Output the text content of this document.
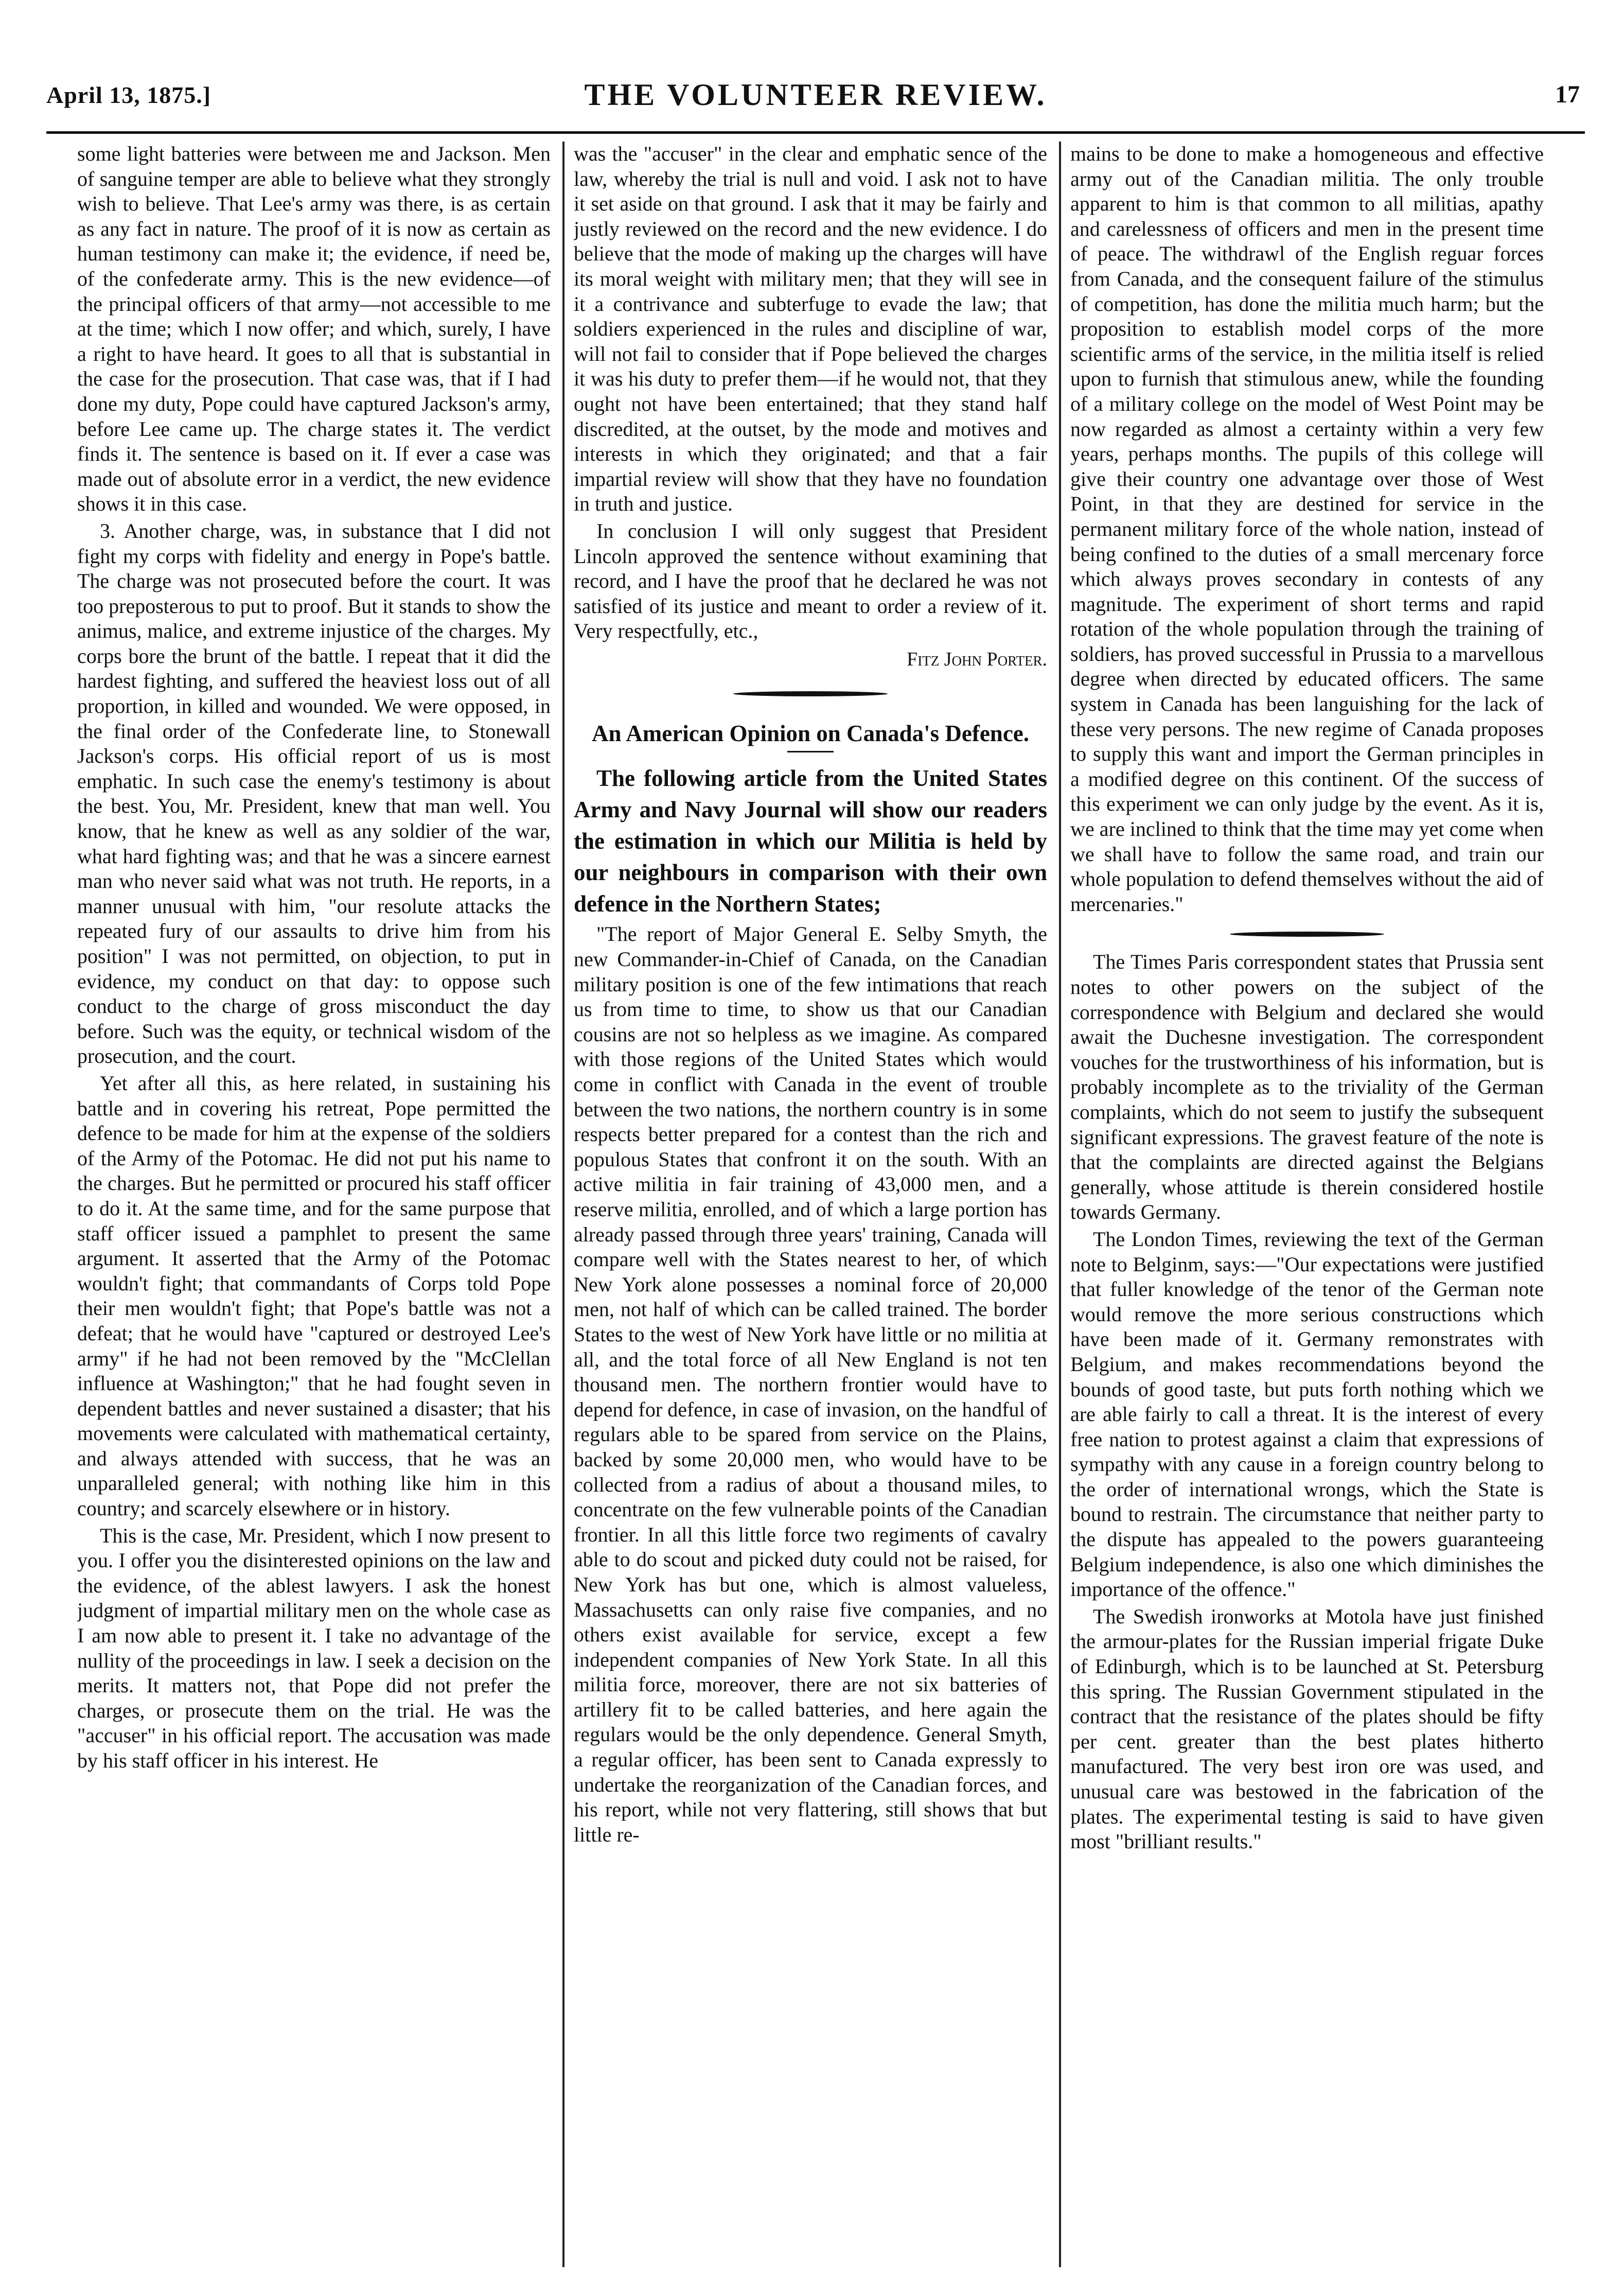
April 13, 1875.]	THE VOLUNTEER REVIEW.	17

some light batteries were between me and Jackson. Men of sanguine temper are able to believe what they strongly wish to believe. That Lee's army was there, is as certain as any fact in nature. The proof of it is now as certain as human testimony can make it; the evidence, if need be, of the confederate army. This is the new evidence—of the principal officers of that army—not accessible to me at the time; which I now offer; and which, surely, I have a right to have heard. It goes to all that is substantial in the case for the prosecution. That case was, that if I had done my duty, Pope could have captured Jackson's army, before Lee came up. The charge states it. The verdict finds it. The sentence is based on it. If ever a case was made out of absolute error in a verdict, the new evidence shows it in this case.

3. Another charge, was, in substance that I did not fight my corps with fidelity and energy in Pope's battle. The charge was not prosecuted before the court. It was too preposterous to put to proof. But it stands to show the animus, malice, and extreme injustice of the charges. My corps bore the brunt of the battle. I repeat that it did the hardest fighting, and suffered the heaviest loss out of all proportion, in killed and wounded. We were opposed, in the final order of the Confederate line, to Stonewall Jackson's corps. His official report of us is most emphatic. In such case the enemy's testimony is about the best. You, Mr. President, knew that man well. You know, that he knew as well as any soldier of the war, what hard fighting was; and that he was a sincere earnest man who never said what was not truth. He reports, in a manner unusual with him, "our resolute attacks the repeated fury of our assaults to drive him from his position" I was not permitted, on objection, to put in evidence, my conduct on that day: to oppose such conduct to the charge of gross misconduct the day before. Such was the equity, or technical wisdom of the prosecution, and the court.

Yet after all this, as here related, in sustaining his battle and in covering his retreat, Pope permitted the defence to be made for him at the expense of the soldiers of the Army of the Potomac. He did not put his name to the charges. But he permitted or procured his staff officer to do it. At the same time, and for the same purpose that staff officer issued a pamphlet to present the same argument. It asserted that the Army of the Potomac wouldn't fight; that commandants of Corps told Pope their men wouldn't fight; that Pope's battle was not a defeat; that he would have "captured or destroyed Lee's army" if he had not been removed by the "McClellan influence at Washington;" that he had fought seven in dependent battles and never sustained a disaster; that his movements were calculated with mathematical certainty, and always attended with success, that he was an unparalleled general; with nothing like him in this country; and scarcely elsewhere or in history.

This is the case, Mr. President, which I now present to you. I offer you the disinterested opinions on the law and the evidence, of the ablest lawyers. I ask the honest judgment of impartial military men on the whole case as I am now able to present it. I take no advantage of the nullity of the proceedings in law. I seek a decision on the merits. It matters not, that Pope did not prefer the charges, or prosecute them on the trial. He was the "accuser" in his official report. The accusation was made by his staff officer in his interest. He

was the "accuser" in the clear and emphatic sence of the law, whereby the trial is null and void. I ask not to have it set aside on that ground. I ask that it may be fairly and justly reviewed on the record and the new evidence. I do believe that the mode of making up the charges will have its moral weight with military men; that they will see in it a contrivance and subterfuge to evade the law; that soldiers experienced in the rules and discipline of war, will not fail to consider that if Pope believed the charges it was his duty to prefer them—if he would not, that they ought not have been entertained; that they stand half discredited, at the outset, by the mode and motives and interests in which they originated; and that a fair impartial review will show that they have no foundation in truth and justice.

In conclusion I will only suggest that President Lincoln approved the sentence without examining that record, and I have the proof that he declared he was not satisfied of its justice and meant to order a review of it. Very respectfully, etc.,

Fitz John Porter.

An American Opinion on Canada's Defence.

The following article from the United States Army and Navy Journal will show our readers the estimation in which our Militia is held by our neighbours in comparison with their own defence in the Northern States;

"The report of Major General E. Selby Smyth, the new Commander-in-Chief of Canada, on the Canadian military position is one of the few intimations that reach us from time to time, to show us that our Canadian cousins are not so helpless as we imagine. As compared with those regions of the United States which would come in conflict with Canada in the event of trouble between the two nations, the northern country is in some respects better prepared for a contest than the rich and populous States that confront it on the south. With an active militia in fair training of 43,000 men, and a reserve militia, enrolled, and of which a large portion has already passed through three years' training, Canada will compare well with the States nearest to her, of which New York alone possesses a nominal force of 20,000 men, not half of which can be called trained. The border States to the west of New York have little or no militia at all, and the total force of all New England is not ten thousand men. The northern frontier would have to depend for defence, in case of invasion, on the handful of regulars able to be spared from service on the Plains, backed by some 20,000 men, who would have to be collected from a radius of about a thousand miles, to concentrate on the few vulnerable points of the Canadian frontier. In all this little force two regiments of cavalry able to do scout and picked duty could not be raised, for New York has but one, which is almost valueless, Massachusetts can only raise five companies, and no others exist available for service, except a few independent companies of New York State. In all this militia force, moreover, there are not six batteries of artillery fit to be called batteries, and here again the regulars would be the only dependence. General Smyth, a regular officer, has been sent to Canada expressly to undertake the reorganization of the Canadian forces, and his report, while not very flattering, still shows that but little re-

mains to be done to make a homogeneous and effective army out of the Canadian militia. The only trouble apparent to him is that common to all militias, apathy and carelessness of officers and men in the present time of peace. The withdrawl of the English reguar forces from Canada, and the consequent failure of the stimulus of competition, has done the militia much harm; but the proposition to establish model corps of the more scientific arms of the service, in the militia itself is relied upon to furnish that stimulous anew, while the founding of a military college on the model of West Point may be now regarded as almost a certainty within a very few years, perhaps months. The pupils of this college will give their country one advantage over those of West Point, in that they are destined for service in the permanent military force of the whole nation, instead of being confined to the duties of a small mercenary force which always proves secondary in contests of any magnitude. The experiment of short terms and rapid rotation of the whole population through the training of soldiers, has proved successful in Prussia to a marvellous degree when directed by educated officers. The same system in Canada has been languishing for the lack of these very persons. The new regime of Canada proposes to supply this want and import the German principles in a modified degree on this continent. Of the success of this experiment we can only judge by the event. As it is, we are inclined to think that the time may yet come when we shall have to follow the same road, and train our whole population to defend themselves without the aid of mercenaries."

The Times Paris correspondent states that Prussia sent notes to other powers on the subject of the correspondence with Belgium and declared she would await the Duchesne investigation. The correspondent vouches for the trustworthiness of his information, but is probably incomplete as to the triviality of the German complaints, which do not seem to justify the subsequent significant expressions. The gravest feature of the note is that the complaints are directed against the Belgians generally, whose attitude is therein considered hostile towards Germany.

The London Times, reviewing the text of the German note to Belginm, says:—"Our expectations were justified that fuller knowledge of the tenor of the German note would remove the more serious constructions which have been made of it. Germany remonstrates with Belgium, and makes recommendations beyond the bounds of good taste, but puts forth nothing which we are able fairly to call a threat. It is the interest of every free nation to protest against a claim that expressions of sympathy with any cause in a foreign country belong to the order of international wrongs, which the State is bound to restrain. The circumstance that neither party to the dispute has appealed to the powers guaranteeing Belgium independence, is also one which diminishes the importance of the offence."

The Swedish ironworks at Motola have just finished the armour-plates for the Russian imperial frigate Duke of Edinburgh, which is to be launched at St. Petersburg this spring. The Russian Government stipulated in the contract that the resistance of the plates should be fifty per cent. greater than the best plates hitherto manufactured. The very best iron ore was used, and unusual care was bestowed in the fabrication of the plates. The experimental testing is said to have given most "brilliant results."
